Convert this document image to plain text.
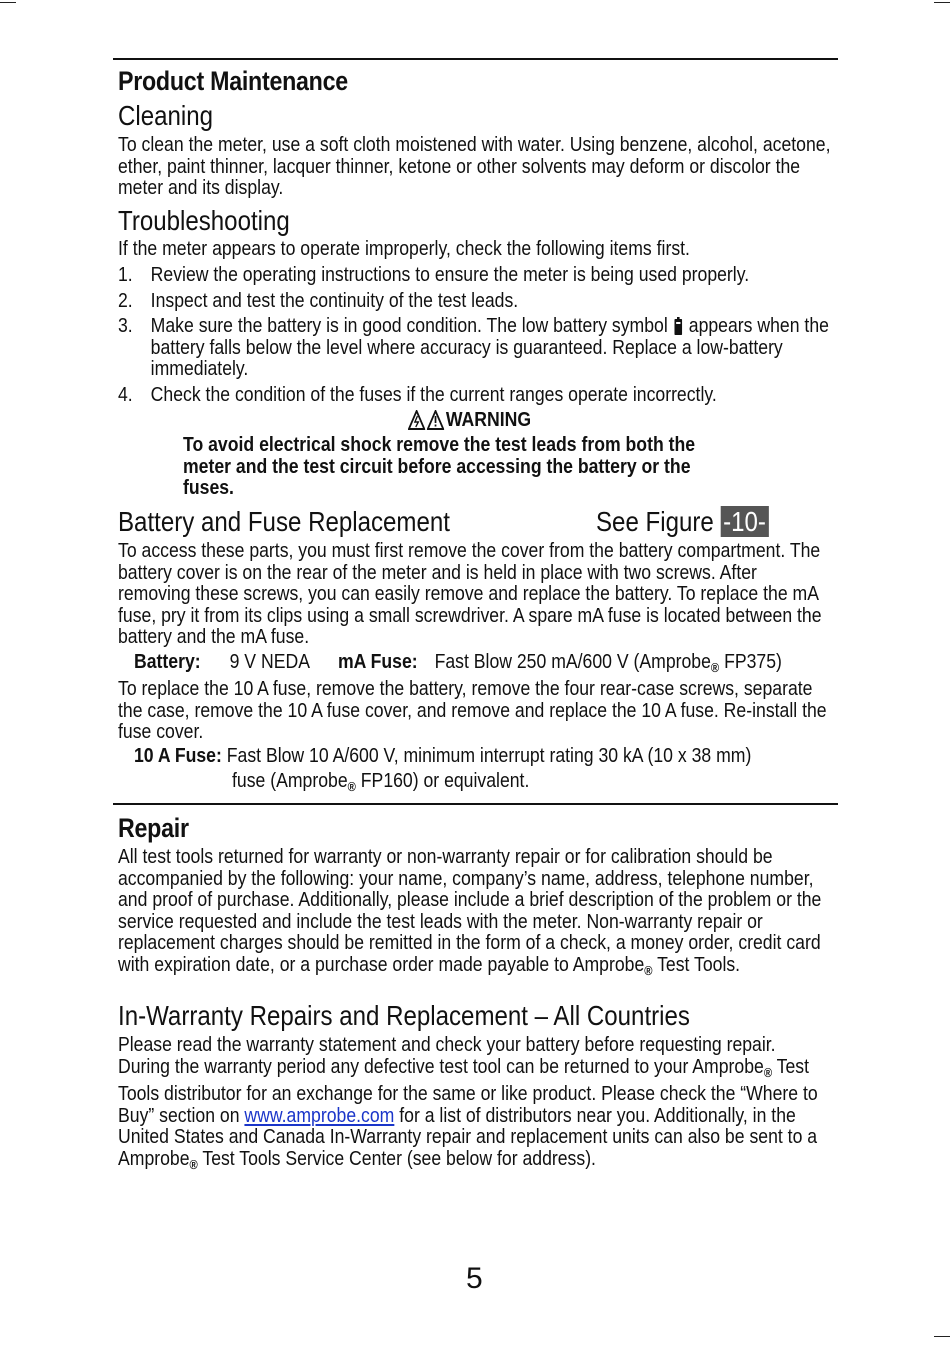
Product Maintenance
Cleaning
To clean the meter, use a soft cloth moistened with water. Using benzene, alcohol, acetone, ether, paint thinner, lacquer thinner, ketone or other solvents may deform or discolor the meter and its display.
Troubleshooting
If the meter appears to operate improperly, check the following items first.
1. Review the operating instructions to ensure the meter is being used properly.
2. Inspect and test the continuity of the test leads.
3. Make sure the battery is in good condition. The low battery symbol appears when the battery falls below the level where accuracy is guaranteed. Replace a low-battery immediately.
4. Check the condition of the fuses if the current ranges operate incorrectly.
WARNING
To avoid electrical shock remove the test leads from both the meter and the test circuit before accessing the battery or the fuses.
Battery and Fuse Replacement	See Figure -10-
To access these parts, you must first remove the cover from the battery compartment. The battery cover is on the rear of the meter and is held in place with two screws. After removing these screws, you can easily remove and replace the battery. To replace the mA fuse, pry it from its clips using a small screwdriver. A spare mA fuse is located between the battery and the mA fuse.
Battery: 9 V NEDA mA Fuse: Fast Blow 250 mA/600 V (Amprobe$_®$ FP375)
To replace the 10 A fuse, remove the battery, remove the four rear-case screws, separate the case, remove the 10 A fuse cover, and remove and replace the 10 A fuse. Re-install the fuse cover.
10 A Fuse: Fast Blow 10 A/600 V, minimum interrupt rating 30 kA (10 x 38 mm)
fuse (Amprobe$_®$ FP160) or equivalent.
Repair
All test tools returned for warranty or non-warranty repair or for calibration should be accompanied by the following: your name, company’s name, address, telephone number, and proof of purchase. Additionally, please include a brief description of the problem or the service requested and include the test leads with the meter. Non-warranty repair or replacement charges should be remitted in the form of a check, a money order, credit card with expiration date, or a purchase order made payable to Amprobe$_®$ Test Tools.
In-Warranty Repairs and Replacement – All Countries
Please read the warranty statement and check your battery before requesting repair. During the warranty period any defective test tool can be returned to your Amprobe$_®$ Test Tools distributor for an exchange for the same or like product. Please check the “Where to Buy” section on www.amprobe.com for a list of distributors near you. Additionally, in the United States and Canada In-Warranty repair and replacement units can also be sent to a Amprobe$_®$ Test Tools Service Center (see below for address).
5
